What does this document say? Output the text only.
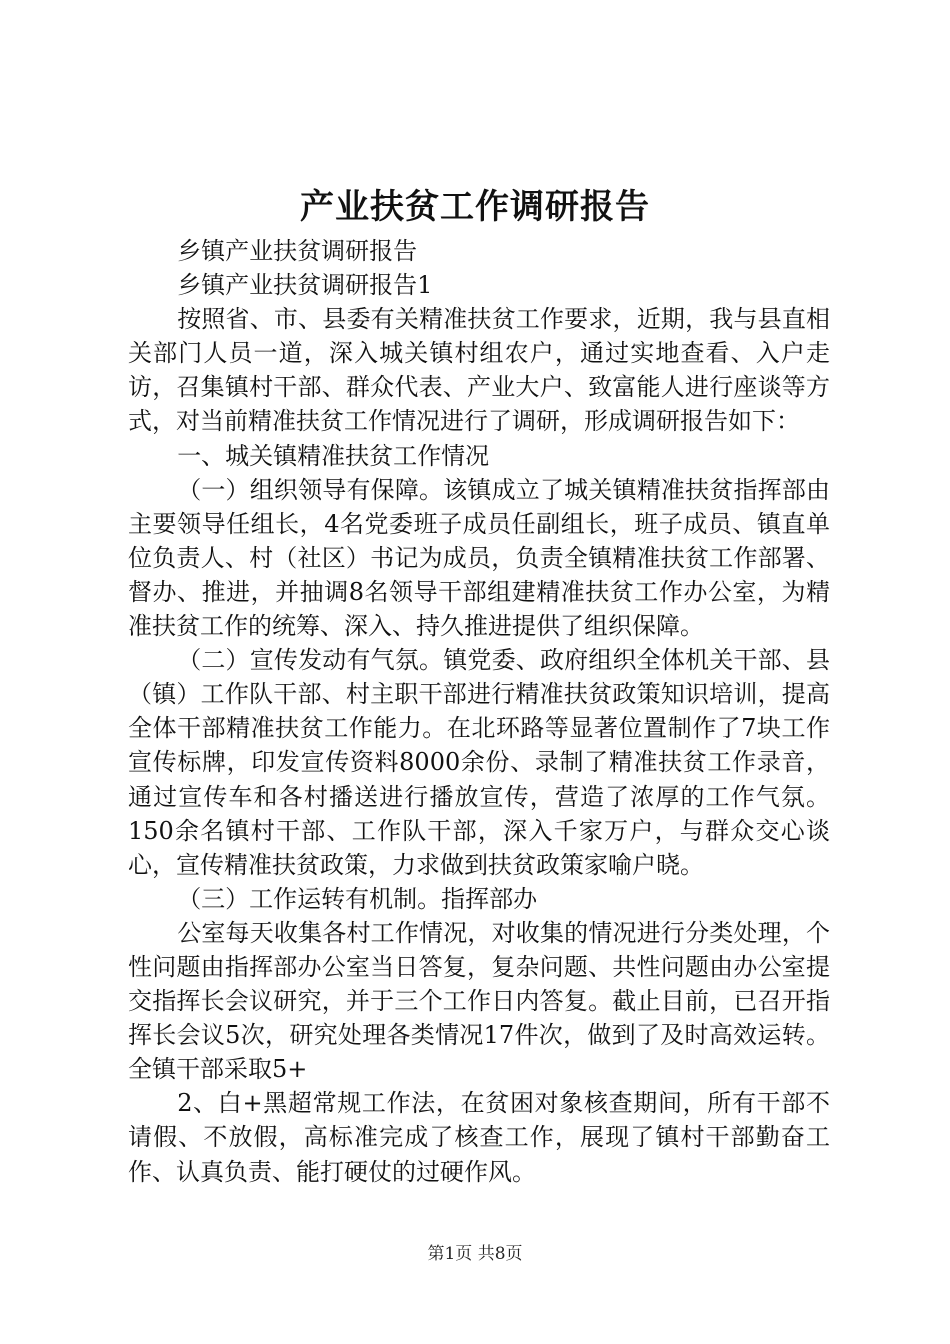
产业扶贫工作调研报告

乡镇产业扶贫调研报告

乡镇产业扶贫调研报告1

按照省、市、县委有关精准扶贫工作要求，近期，我与县直相关部门人员一道，深入城关镇村组农户，通过实地查看、入户走访，召集镇村干部、群众代表、产业大户、致富能人进行座谈等方式，对当前精准扶贫工作情况进行了调研，形成调研报告如下：

一、城关镇精准扶贫工作情况

（一）组织领导有保障。该镇成立了城关镇精准扶贫指挥部由主要领导任组长，4名党委班子成员任副组长，班子成员、镇直单位负责人、村（社区）书记为成员，负责全镇精准扶贫工作部署、督办、推进，并抽调8名领导干部组建精准扶贫工作办公室，为精准扶贫工作的统筹、深入、持久推进提供了组织保障。

（二）宣传发动有气氛。镇党委、政府组织全体机关干部、县（镇）工作队干部、村主职干部进行精准扶贫政策知识培训，提高全体干部精准扶贫工作能力。在北环路等显著位置制作了7块工作宣传标牌，印发宣传资料8000余份、录制了精准扶贫工作录音，通过宣传车和各村播送进行播放宣传，营造了浓厚的工作气氛。150余名镇村干部、工作队干部，深入千家万户，与群众交心谈心，宣传精准扶贫政策，力求做到扶贫政策家喻户晓。

（三）工作运转有机制。指挥部办

公室每天收集各村工作情况，对收集的情况进行分类处理，个性问题由指挥部办公室当日答复，复杂问题、共性问题由办公室提交指挥长会议研究，并于三个工作日内答复。截止目前，已召开指挥长会议5次，研究处理各类情况17件次，做到了及时高效运转。全镇干部采取5+

2、白+黑超常规工作法，在贫困对象核查期间，所有干部不请假、不放假，高标准完成了核查工作，展现了镇村干部勤奋工作、认真负责、能打硬仗的过硬作风。

第1页 共8页
